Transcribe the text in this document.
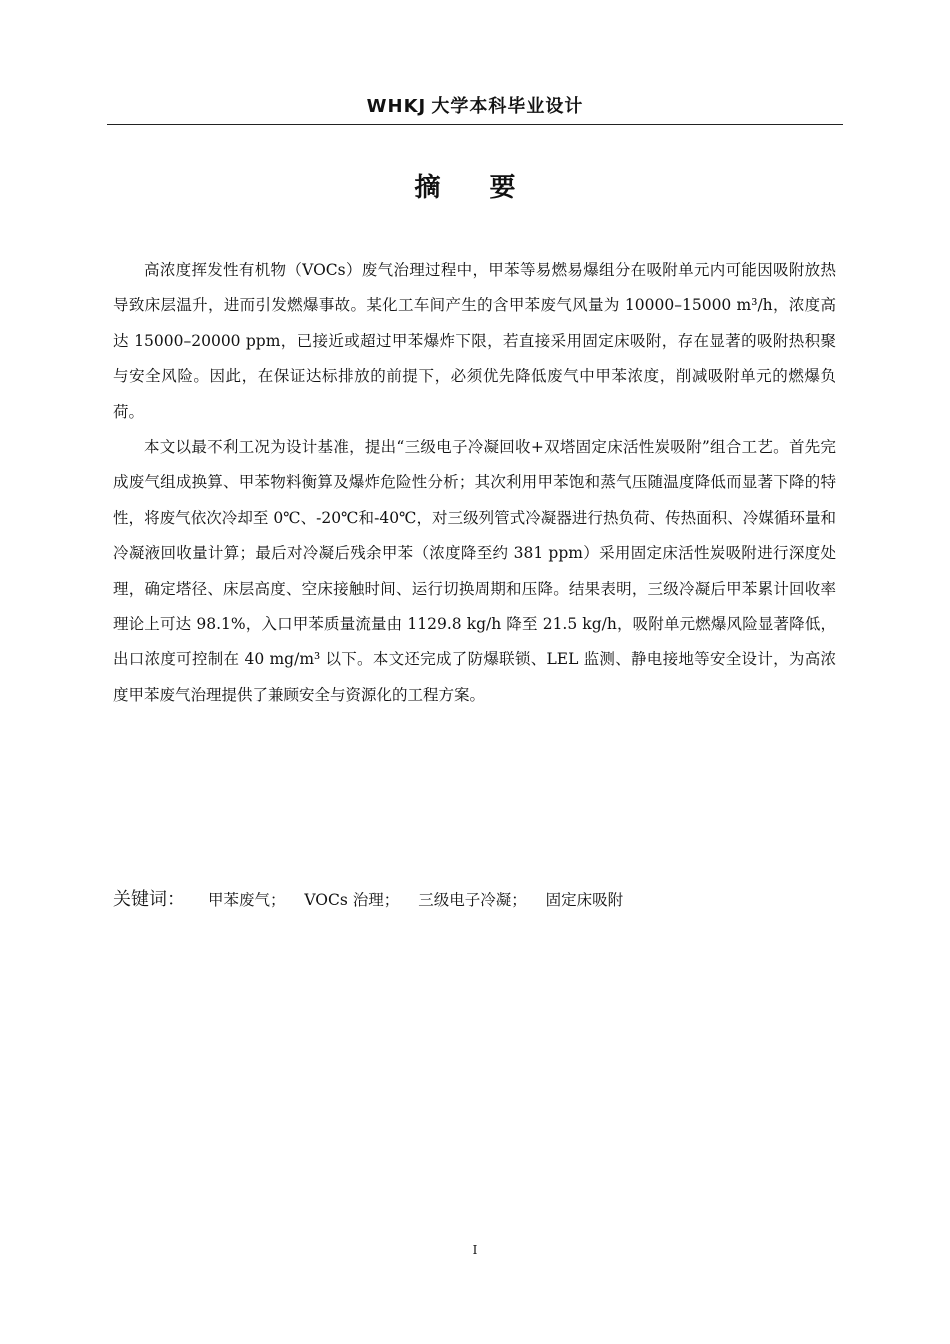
WHKJ 大学本科毕业设计
摘 要

高浓度挥发性有机物（VOCs）废气治理过程中，甲苯等易燃易爆组分在吸附单元内可能因吸附放热导致床层温升，进而引发燃爆事故。某化工车间产生的含甲苯废气风量为 10000–15000 m³/h，浓度高达 15000–20000 ppm，已接近或超过甲苯爆炸下限，若直接采用固定床吸附，存在显著的吸附热积聚与安全风险。因此，在保证达标排放的前提下，必须优先降低废气中甲苯浓度，削减吸附单元的燃爆负荷。

本文以最不利工况为设计基准，提出“三级电子冷凝回收+双塔固定床活性炭吸附”组合工艺。首先完成废气组成换算、甲苯物料衡算及爆炸危险性分析；其次利用甲苯饱和蒸气压随温度降低而显著下降的特性，将废气依次冷却至 0℃、-20℃和-40℃，对三级列管式冷凝器进行热负荷、传热面积、冷媒循环量和冷凝液回收量计算；最后对冷凝后残余甲苯（浓度降至约 381 ppm）采用固定床活性炭吸附进行深度处理，确定塔径、床层高度、空床接触时间、运行切换周期和压降。结果表明，三级冷凝后甲苯累计回收率理论上可达 98.1%，入口甲苯质量流量由 1129.8 kg/h 降至 21.5 kg/h，吸附单元燃爆风险显著降低，出口浓度可控制在 40 mg/m³ 以下。本文还完成了防爆联锁、LEL 监测、静电接地等安全设计，为高浓度甲苯废气治理提供了兼顾安全与资源化的工程方案。

关键词： 甲苯废气； VOCs 治理； 三级电子冷凝； 固定床吸附
I
